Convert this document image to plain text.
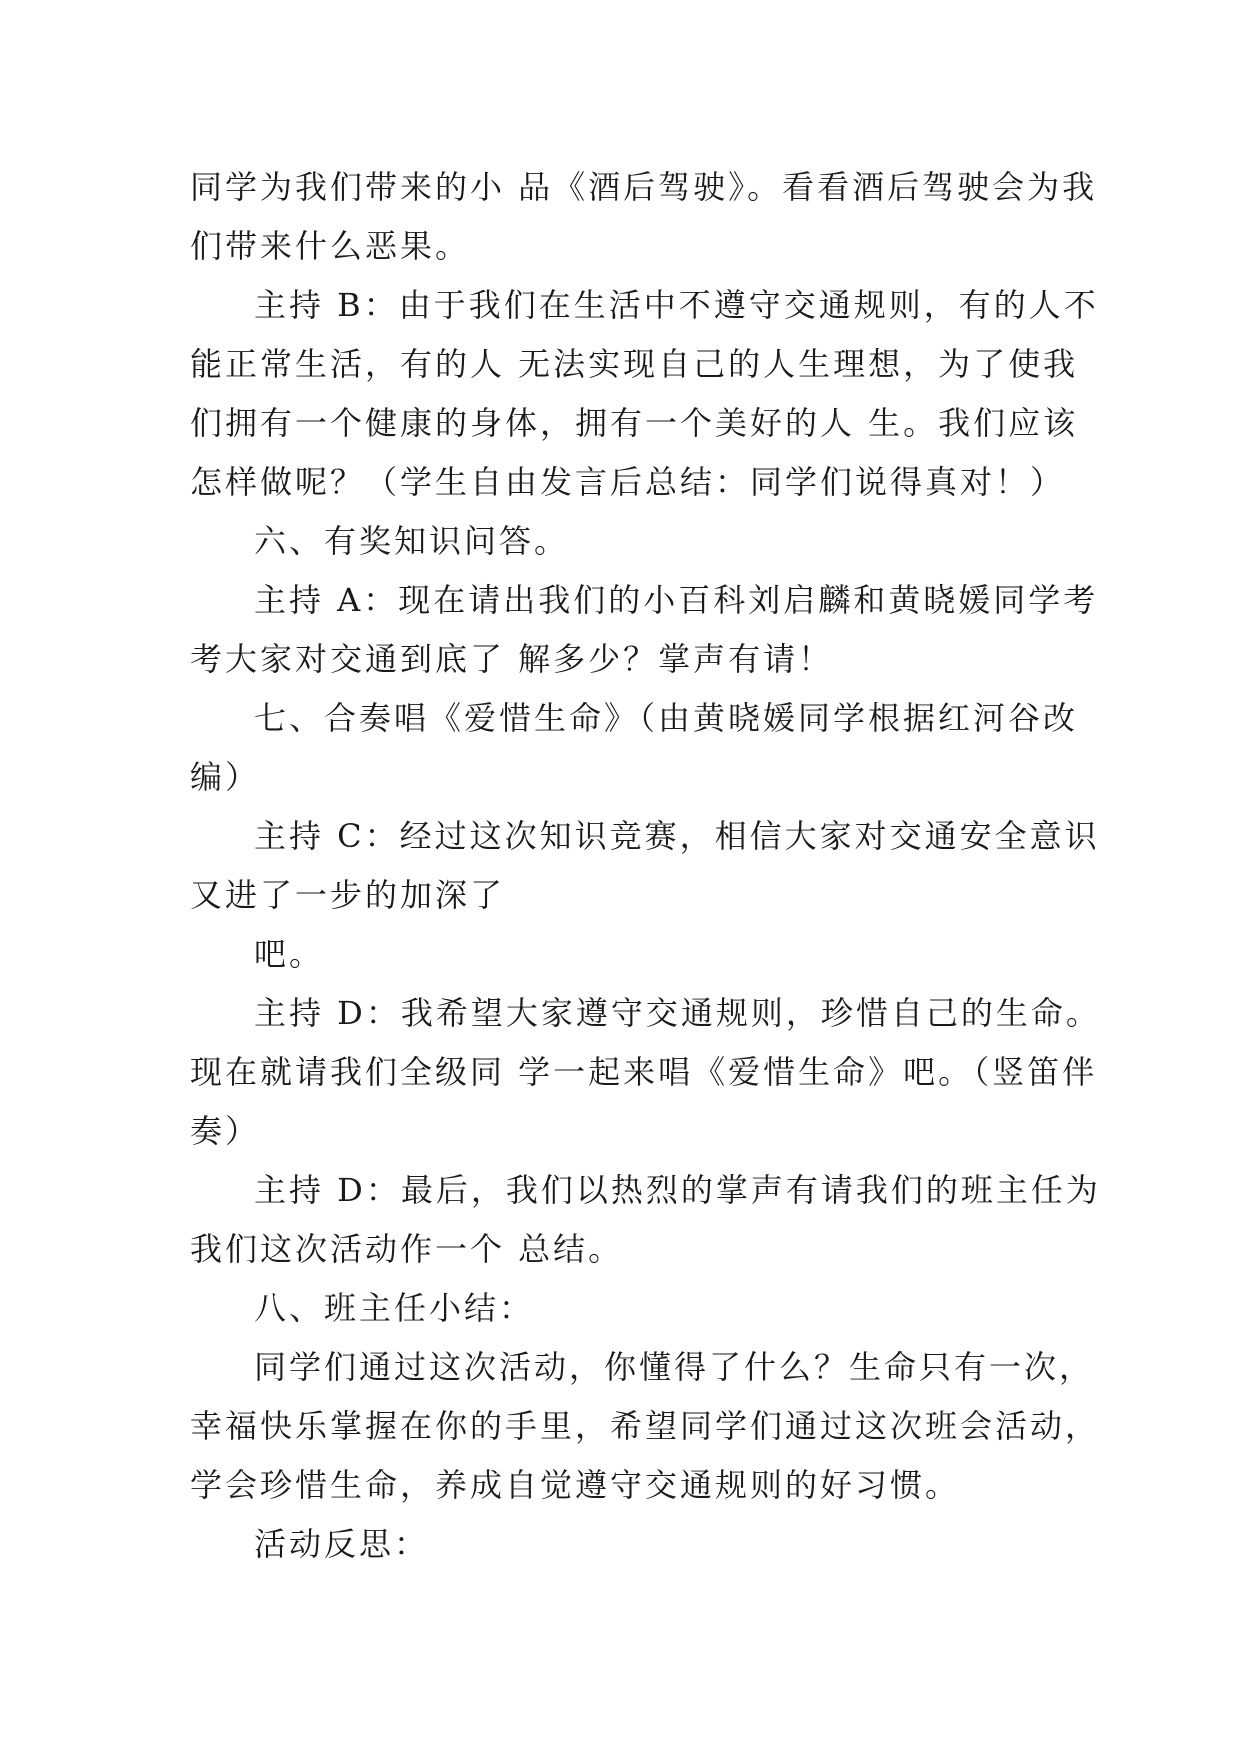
同学为我们带来的小 品《酒后驾驶》。看看酒后驾驶会为我
们带来什么恶果。
主持 B：由于我们在生活中不遵守交通规则，有的人不
能正常生活，有的人 无法实现自己的人生理想，为了使我
们拥有一个健康的身体，拥有一个美好的人 生。我们应该
怎样做呢？（学生自由发言后总结：同学们说得真对！）
六、有奖知识问答。
主持 A：现在请出我们的小百科刘启麟和黄晓媛同学考
考大家对交通到底了 解多少？掌声有请！
七、合奏唱《爱惜生命》（由黄晓媛同学根据红河谷改
编）
主持 C：经过这次知识竞赛，相信大家对交通安全意识
又进了一步的加深了
吧。
主持 D：我希望大家遵守交通规则，珍惜自己的生命。
现在就请我们全级同 学一起来唱《爱惜生命》吧。（竖笛伴
奏）
主持 D：最后，我们以热烈的掌声有请我们的班主任为
我们这次活动作一个 总结。
八、班主任小结：
同学们通过这次活动，你懂得了什么？生命只有一次，
幸福快乐掌握在你的手里，希望同学们通过这次班会活动，
学会珍惜生命，养成自觉遵守交通规则的好习惯。
活动反思：
